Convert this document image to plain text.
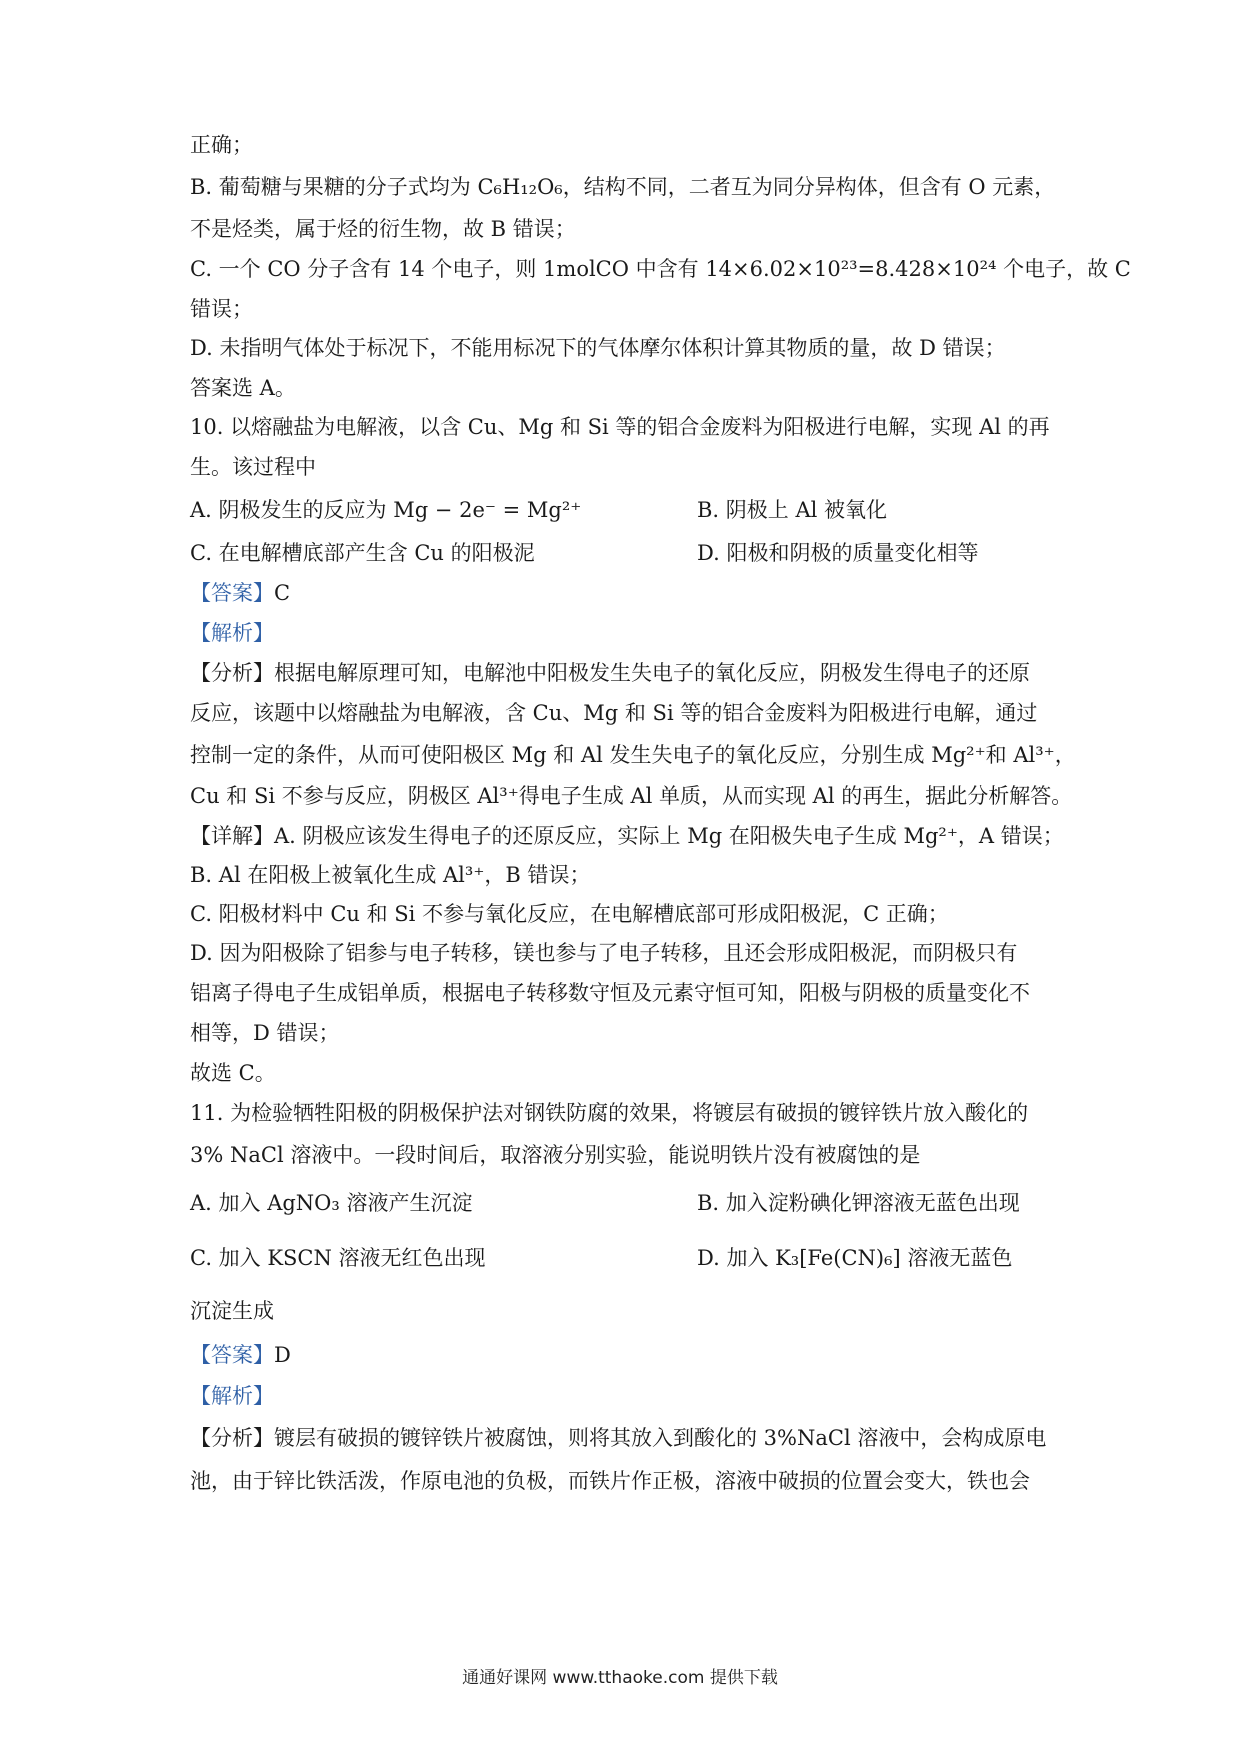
正确；
B. 葡萄糖与果糖的分子式均为 C₆H₁₂O₆，结构不同，二者互为同分异构体，但含有 O 元素，
不是烃类，属于烃的衍生物，故 B 错误；
C. 一个 CO 分子含有 14 个电子，则 1molCO 中含有 14×6.02×10²³=8.428×10²⁴ 个电子，故 C
错误；
D. 未指明气体处于标况下，不能用标况下的气体摩尔体积计算其物质的量，故 D 错误；
答案选 A。
10. 以熔融盐为电解液，以含 Cu、Mg 和 Si 等的铝合金废料为阳极进行电解，实现 Al 的再
生。该过程中
A. 阴极发生的反应为 Mg − 2e⁻ = Mg²⁺	B. 阴极上 Al 被氧化
C. 在电解槽底部产生含 Cu 的阳极泥	D. 阳极和阴极的质量变化相等
【答案】C
【解析】
【分析】根据电解原理可知，电解池中阳极发生失电子的氧化反应，阴极发生得电子的还原
反应，该题中以熔融盐为电解液，含 Cu、Mg 和 Si 等的铝合金废料为阳极进行电解，通过
控制一定的条件，从而可使阳极区 Mg 和 Al 发生失电子的氧化反应，分别生成 Mg²⁺和 Al³⁺，
Cu 和 Si 不参与反应，阴极区 Al³⁺得电子生成 Al 单质，从而实现 Al 的再生，据此分析解答。
【详解】A. 阴极应该发生得电子的还原反应，实际上 Mg 在阳极失电子生成 Mg²⁺，A 错误；
B. Al 在阳极上被氧化生成 Al³⁺，B 错误；
C. 阳极材料中 Cu 和 Si 不参与氧化反应，在电解槽底部可形成阳极泥，C 正确；
D. 因为阳极除了铝参与电子转移，镁也参与了电子转移，且还会形成阳极泥，而阴极只有
铝离子得电子生成铝单质，根据电子转移数守恒及元素守恒可知，阳极与阴极的质量变化不
相等，D 错误；
故选 C。
11. 为检验牺牲阳极的阴极保护法对钢铁防腐的效果，将镀层有破损的镀锌铁片放入酸化的
3% NaCl 溶液中。一段时间后，取溶液分别实验，能说明铁片没有被腐蚀的是
A. 加入 AgNO₃ 溶液产生沉淀	B. 加入淀粉碘化钾溶液无蓝色出现
C. 加入 KSCN 溶液无红色出现	D. 加入 K₃[Fe(CN)₆] 溶液无蓝色
沉淀生成
【答案】D
【解析】
【分析】镀层有破损的镀锌铁片被腐蚀，则将其放入到酸化的 3%NaCl 溶液中，会构成原电
池，由于锌比铁活泼，作原电池的负极，而铁片作正极，溶液中破损的位置会变大，铁也会
通通好课网 www.tthaoke.com 提供下载
